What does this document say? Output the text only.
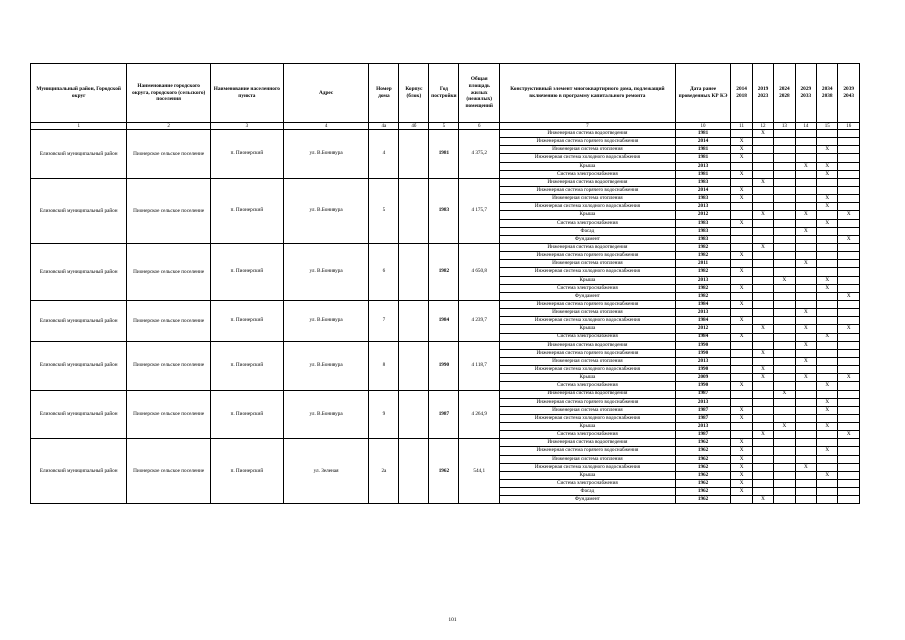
Муниципальный район, Городской округ	Наименование городского округа, городского (сельского) поселения	Наименование населенного пункта	Адрес	Номер дома	Корпус (блок)	Год постройки	Общая площадь жилых (нежилых) помещений	Конструктивный элемент многоквартирного дома, подлежащий включению в программу капитального ремонта	Дата ранее проведенных КР КЭ	2014 2018	2019 2023	2024 2028	2029 2033	2034 2038	2039 2043
1	2	3	4	4а	4б	5	6	7	10	11	12	13	14	15	16
Елизовский муниципальный район	Пионерское сельское поселение	п. Пионерский	ул. В.Бонивура	4		1981	4 375,2	Инженерная система водоотведения	1981		X				
								Инженерная система горячего водоснабжения	2014	X					
								Инженерная система отопления	1981	X				X	
								Инженерная система холодного водоснабжения	1981	X					
								Крыша	2013				X	X	
								Система электроснабжения	1981	X				X	
Елизовский муниципальный район	Пионерское сельское поселение	п. Пионерский	ул. В.Бонивура	5		1983	4 175,7	Инженерная система водоотведения	1983		X				
								Инженерная система горячего водоснабжения	2014	X					
								Инженерная система отопления	1983	X				X	
								Инженерная система холодного водоснабжения	2013					X	
								Крыша	2012		X		X		X
								Система электроснабжения	1983	X				X	
								Фасад	1983				X		
								Фундамент	1983						X
Елизовский муниципальный район	Пионерское сельское поселение	п. Пионерский	ул. В.Бонивура	6		1982	4 650,8	Инженерная система водоотведения	1982		X				
								Инженерная система горячего водоснабжения	1982	X					
								Инженерная система отопления	2011				X		
								Инженерная система холодного водоснабжения	1982	X					
								Крыша	2013			X		X	
								Система электроснабжения	1982	X				X	
								Фундамент	1982						X
Елизовский муниципальный район	Пионерское сельское поселение	п. Пионерский	ул. В.Бонивура	7		1984	4 239,7	Инженерная система горячего водоснабжения	1984	X					
								Инженерная система отопления	2013				X		
								Инженерная система холодного водоснабжения	1984	X					
								Крыша	2012		X		X		X
								Система электроснабжения	1984	X				X	
Елизовский муниципальный район	Пионерское сельское поселение	п. Пионерский	ул. В.Бонивура	8		1990	4 118,7	Инженерная система водоотведения	1990				X		
								Инженерная система горячего водоснабжения	1990		X				
								Инженерная система отопления	2013				X		
								Инженерная система холодного водоснабжения	1990		X				
								Крыша	2009		X		X		X
								Система электроснабжения	1990	X				X	
Елизовский муниципальный район	Пионерское сельское поселение	п. Пионерский	ул. В.Бонивура	9		1987	4 264,9	Инженерная система водоотведения	1987			X			
								Инженерная система горячего водоснабжения	2013					X	
								Инженерная система отопления	1987	X				X	
								Инженерная система холодного водоснабжения	1987	X					
								Крыша	2013			X		X	
								Система электроснабжения	1987		X				X
Елизовский муниципальный район	Пионерское сельское поселение	п. Пионерский	ул. Зеленая	2а		1962	544,1	Инженерная система водоотведения	1962	X					
								Инженерная система горячего водоснабжения	1962	X				X	
								Инженерная система отопления	1962	X					
								Инженерная система холодного водоснабжения	1962	X			X		
								Крыша	1962	X				X	
								Система электроснабжения	1962	X					
								Фасад	1962	X					
								Фундамент	1962		X				
101
